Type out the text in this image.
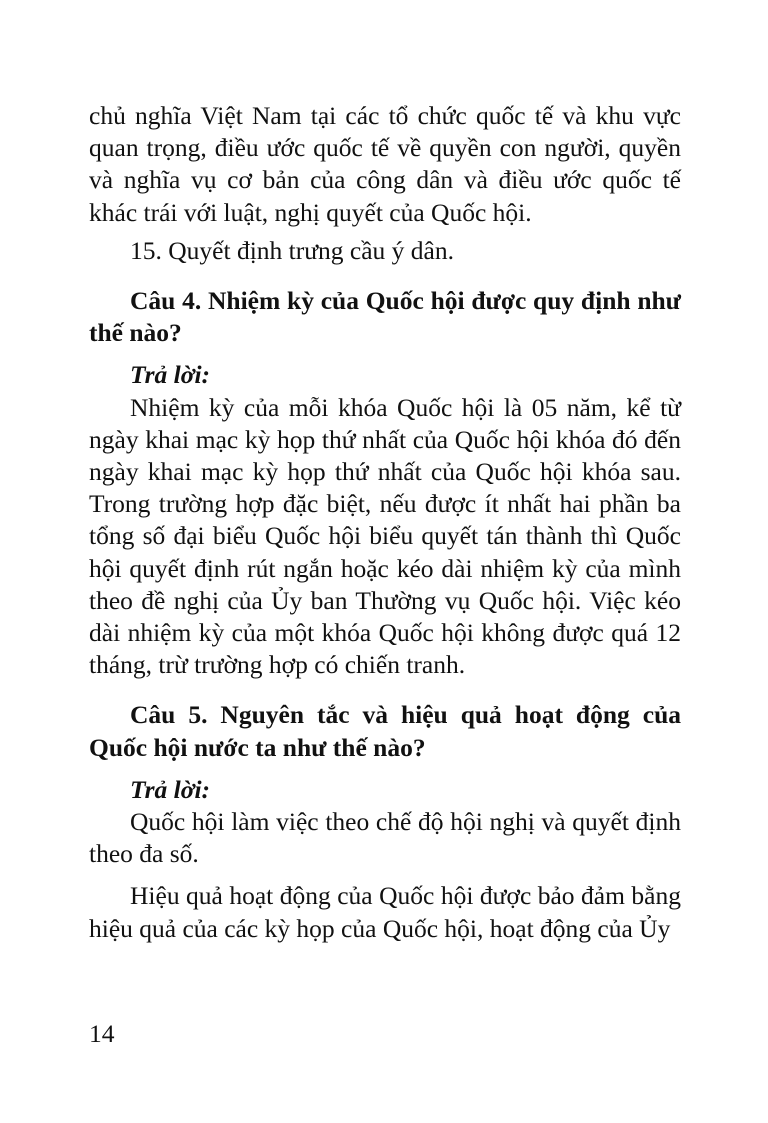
chủ nghĩa Việt Nam tại các tổ chức quốc tế và khu vực quan trọng, điều ước quốc tế về quyền con người, quyền và nghĩa vụ cơ bản của công dân và điều ước quốc tế khác trái với luật, nghị quyết của Quốc hội.

15. Quyết định trưng cầu ý dân.

Câu 4. Nhiệm kỳ của Quốc hội được quy định như thế nào?

Trả lời:

Nhiệm kỳ của mỗi khóa Quốc hội là 05 năm, kể từ ngày khai mạc kỳ họp thứ nhất của Quốc hội khóa đó đến ngày khai mạc kỳ họp thứ nhất của Quốc hội khóa sau. Trong trường hợp đặc biệt, nếu được ít nhất hai phần ba tổng số đại biểu Quốc hội biểu quyết tán thành thì Quốc hội quyết định rút ngắn hoặc kéo dài nhiệm kỳ của mình theo đề nghị của Ủy ban Thường vụ Quốc hội. Việc kéo dài nhiệm kỳ của một khóa Quốc hội không được quá 12 tháng, trừ trường hợp có chiến tranh.

Câu 5. Nguyên tắc và hiệu quả hoạt động của Quốc hội nước ta như thế nào?

Trả lời:

Quốc hội làm việc theo chế độ hội nghị và quyết định theo đa số.

Hiệu quả hoạt động của Quốc hội được bảo đảm bằng hiệu quả của các kỳ họp của Quốc hội, hoạt động của Ủy

14
